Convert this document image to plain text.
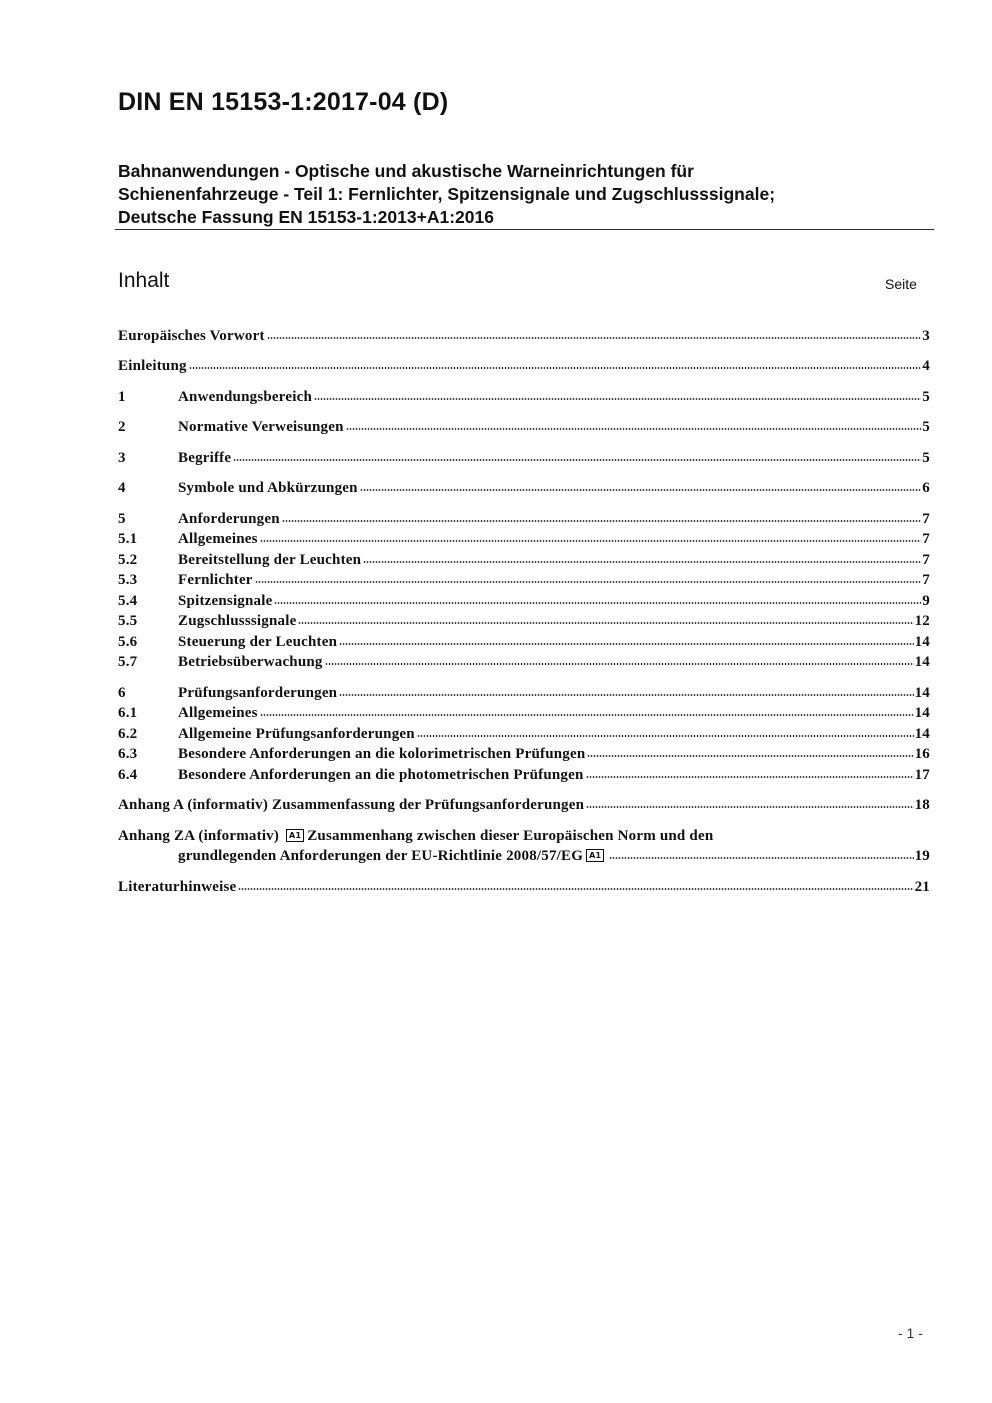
DIN EN 15153-1:2017-04 (D)
Bahnanwendungen - Optische und akustische Warneinrichtungen für
Schienenfahrzeuge - Teil 1: Fernlichter, Spitzensignale und Zugschlusssignale;
Deutsche Fassung EN 15153-1:2013+A1:2016
Inhalt	Seite
Europäisches Vorwort	3
Einleitung	4
1	Anwendungsbereich	5
2	Normative Verweisungen	5
3	Begriffe	5
4	Symbole und Abkürzungen	6
5	Anforderungen	7
5.1	Allgemeines	7
5.2	Bereitstellung der Leuchten	7
5.3	Fernlichter	7
5.4	Spitzensignale	9
5.5	Zugschlusssignale	12
5.6	Steuerung der Leuchten	14
5.7	Betriebsüberwachung	14
6	Prüfungsanforderungen	14
6.1	Allgemeines	14
6.2	Allgemeine Prüfungsanforderungen	14
6.3	Besondere Anforderungen an die kolorimetrischen Prüfungen	16
6.4	Besondere Anforderungen an die photometrischen Prüfungen	17
Anhang A (informativ) Zusammenfassung der Prüfungsanforderungen	18
Anhang ZA (informativ) A1 Zusammenhang zwischen dieser Europäischen Norm und den
grundlegenden Anforderungen der EU-Richtlinie 2008/57/EG A1	19
Literaturhinweise	21
- 1 -
